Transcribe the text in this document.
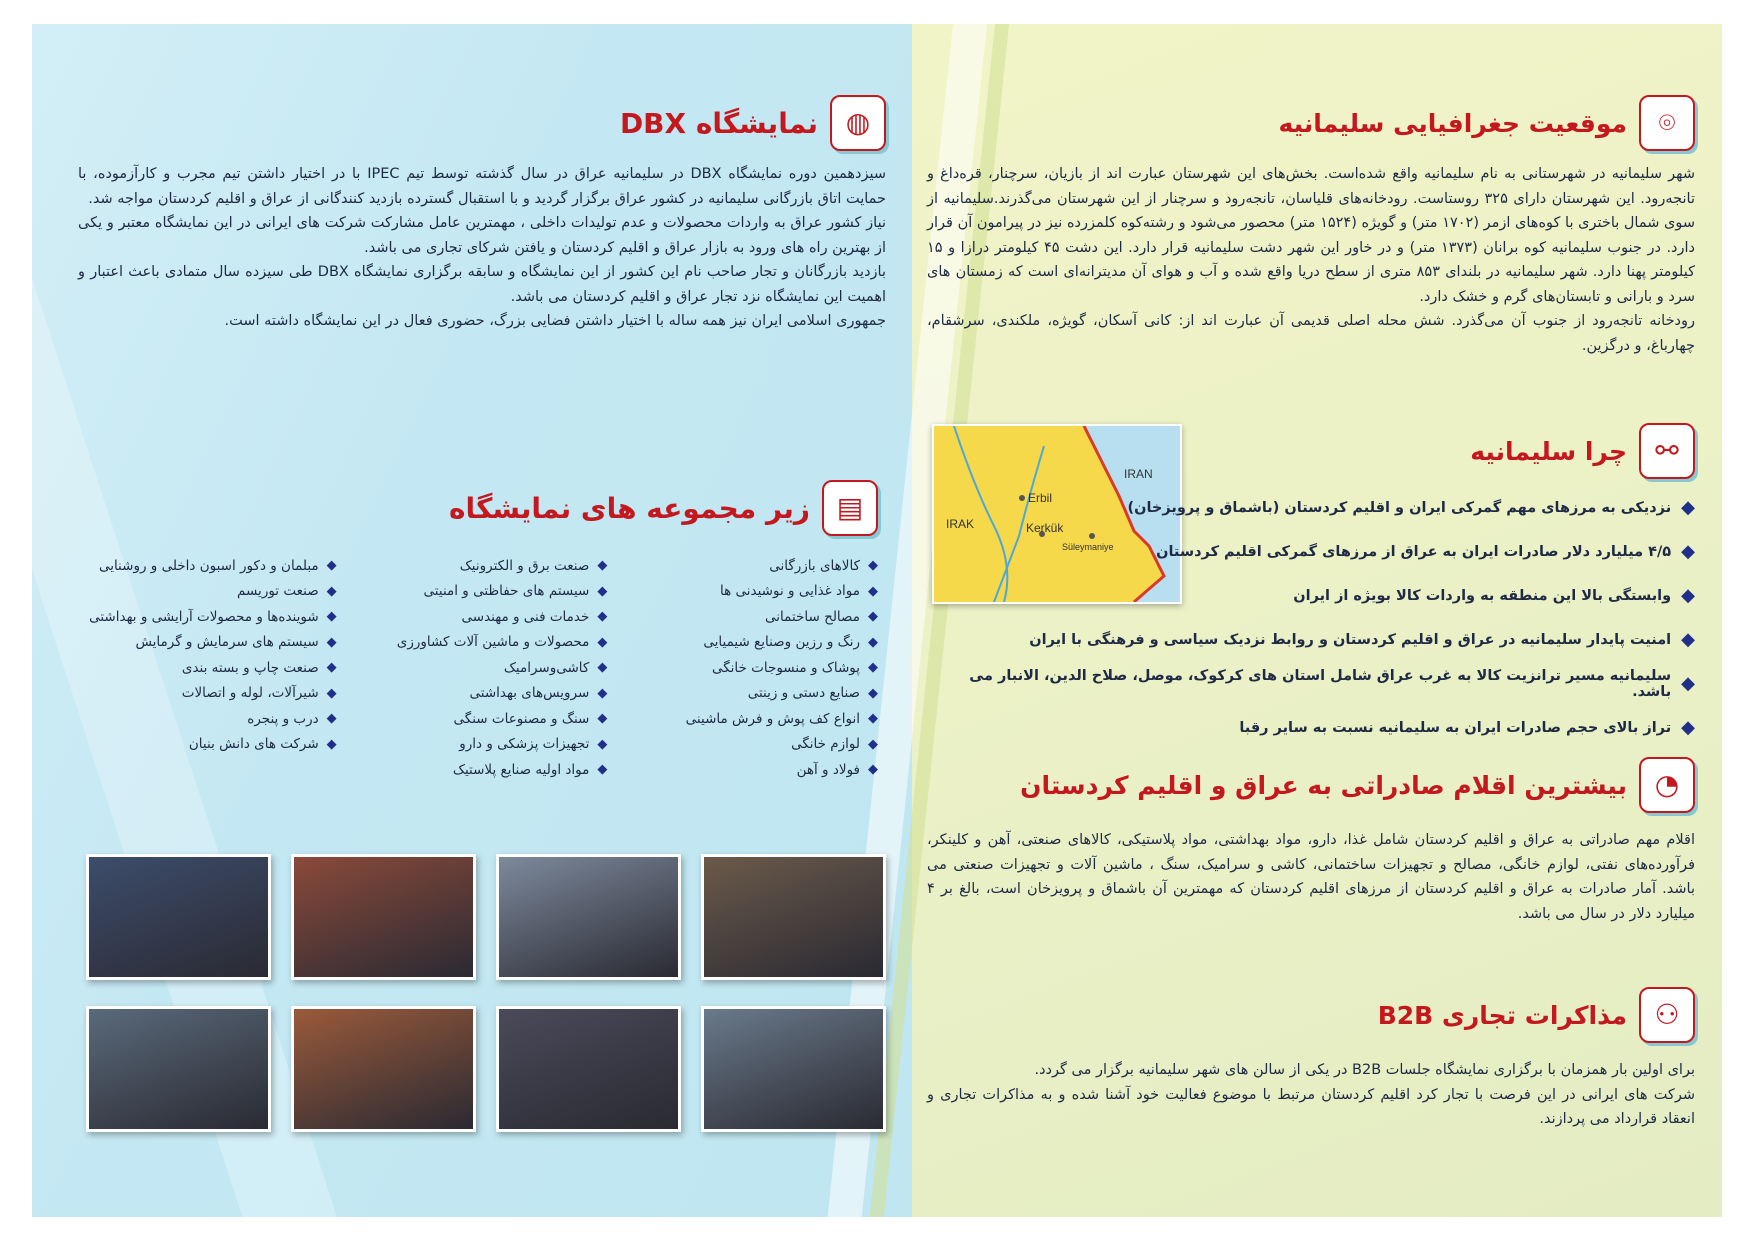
◍
نمایشگاه DBX

سیزدهمین دوره نمایشگاه DBX در سلیمانیه عراق در سال گذشته توسط تیم IPEC با در اختیار داشتن تیم مجرب و کارآزموده، با حمایت اتاق بازرگانی سلیمانیه در کشور عراق برگزار گردید و با استقبال گسترده بازدید کنندگانی از عراق و اقلیم کردستان مواجه شد.

نیاز کشور عراق به واردات محصولات و عدم تولیدات داخلی ، مهمترین عامل مشارکت شرکت های ایرانی در این نمایشگاه معتبر و یکی از بهترین راه های ورود به بازار عراق و اقلیم کردستان و یافتن شرکای تجاری می باشد.

بازدید بازرگانان و تجار صاحب نام این کشور از این نمایشگاه و سابقه برگزاری نمایشگاه DBX طی سیزده سال متمادی باعث اعتبار و اهمیت این نمایشگاه نزد تجار عراق و اقلیم کردستان می باشد.

جمهوری اسلامی ایران نیز همه ساله با اختیار داشتن فضایی بزرگ، حضوری فعال در این نمایشگاه داشته است.

▤
زیر مجموعه های نمایشگاه
◆
کالاهای بازرگانی
◆
مواد غذایی و نوشیدنی ها
◆
مصالح ساختمانی
◆
رنگ و رزین وصنایع شیمیایی
◆
پوشاک و منسوجات خانگی
◆
صنایع دستی و زینتی
◆
انواع کف پوش و فرش ماشینی
◆
لوازم خانگی
◆
فولاد و آهن
◆
صنعت برق و الکترونیک
◆
سیستم های حفاظتی و امنیتی
◆
خدمات فنی و مهندسی
◆
محصولات و ماشین آلات کشاورزی
◆
کاشی‌وسرامیک
◆
سرویس‌های بهداشتی
◆
سنگ و مصنوعات سنگی
◆
تجهیزات پزشکی و دارو
◆
مواد اولیه صنایع پلاستیک
◆
مبلمان و دکور اسبون داخلی و روشنایی
◆
صنعت توریسم
◆
شوینده‌ها و محصولات آرایشی و بهداشتی
◆
سیستم های سرمایش و گرمایش
◆
صنعت چاپ و بسته بندی
◆
شیرآلات، لوله و اتصالات
◆
درب و پنجره
◆
شرکت های دانش بنیان
⌾
موقعیت جغرافیایی سلیمانیه

شهر سلیمانیه در شهرستانی به نام سلیمانیه واقع شده‌است. بخش‌های این شهرستان عبارت اند از بازیان، سرچنار، قره‌داغ و تانجه‌رود. این شهرستان دارای ۳۲۵ روستاست. رودخانه‌های قلیاسان، تانجه‌رود و سرچنار از این شهرستان می‌گذرند.سلیمانیه از سوی شمال باختری با کوه‌های ازمر (۱۷۰۲ متر) و گویژه (۱۵۲۴ متر) محصور می‌شود و رشته‌کوه کلمزرده نیز در پیرامون آن قرار دارد. در جنوب سلیمانیه کوه برانان (۱۳۷۳ متر) و در خاور این شهر دشت سلیمانیه قرار دارد. این دشت ۴۵ کیلومتر درازا و ۱۵ کیلومتر پهنا دارد. شهر سلیمانیه در بلندای ۸۵۳ متری از سطح دریا واقع شده و آب و هوای آن مدیترانه‌ای است که زمستان های سرد و بارانی و تابستان‌های گرم و خشک دارد.

رودخانه تانجه‌رود از جنوب آن می‌گذرد. شش محله اصلی قدیمی آن عبارت اند از: کانی آسکان، گویژه، ملکندی، سرشقام، چهارباغ، و درگزین.

IRAN
IRAK
Erbil
Kerkük
Süleymaniye
⚯
چرا سلیمانیه
◆
نزدیکی به مرزهای مهم گمرکی ایران و اقلیم کردستان (باشماق و پرویزخان)
◆
۴/۵ میلیارد دلار صادرات ایران به عراق از مرزهای گمرکی اقلیم کردستان
◆
وابستگی بالا این منطقه به واردات کالا بویژه از ایران
◆
امنیت پایدار سلیمانیه در عراق و اقلیم کردستان و روابط نزدیک سیاسی و فرهنگی با ایران
◆
سلیمانیه مسیر ترانزیت کالا به غرب عراق شامل استان های کرکوک، موصل، صلاح الدین، الانبار می باشد.
◆
تراز بالای حجم صادرات ایران به سلیمانیه نسبت به سایر رقبا
◔
بیشترین اقلام صادراتی به عراق و اقلیم کردستان
اقلام مهم صادراتی به عراق و اقلیم کردستان شامل غذا، دارو، مواد بهداشتی، مواد پلاستیکی، کالاهای صنعتی، آهن و کلینکر، فرآورده‌های نفتی، لوازم خانگی، مصالح و تجهیزات ساختمانی، کاشی و سرامیک، سنگ ، ماشین آلات و تجهیزات صنعتی می باشد. آمار صادرات به عراق و اقلیم کردستان از مرزهای اقلیم کردستان که مهمترین آن باشماق و پرویزخان است، بالغ بر ۴ میلیارد دلار در سال می باشد.
⚇
مذاکرات تجاری B2B

برای اولین بار همزمان با برگزاری نمایشگاه جلسات B2B در یکی از سالن های شهر سلیمانیه برگزار می گردد.

شرکت های ایرانی در این فرصت با تجار کرد اقلیم کردستان مرتبط با موضوع فعالیت خود آشنا شده و به مذاکرات تجاری و انعقاد قرارداد می پردازند.
